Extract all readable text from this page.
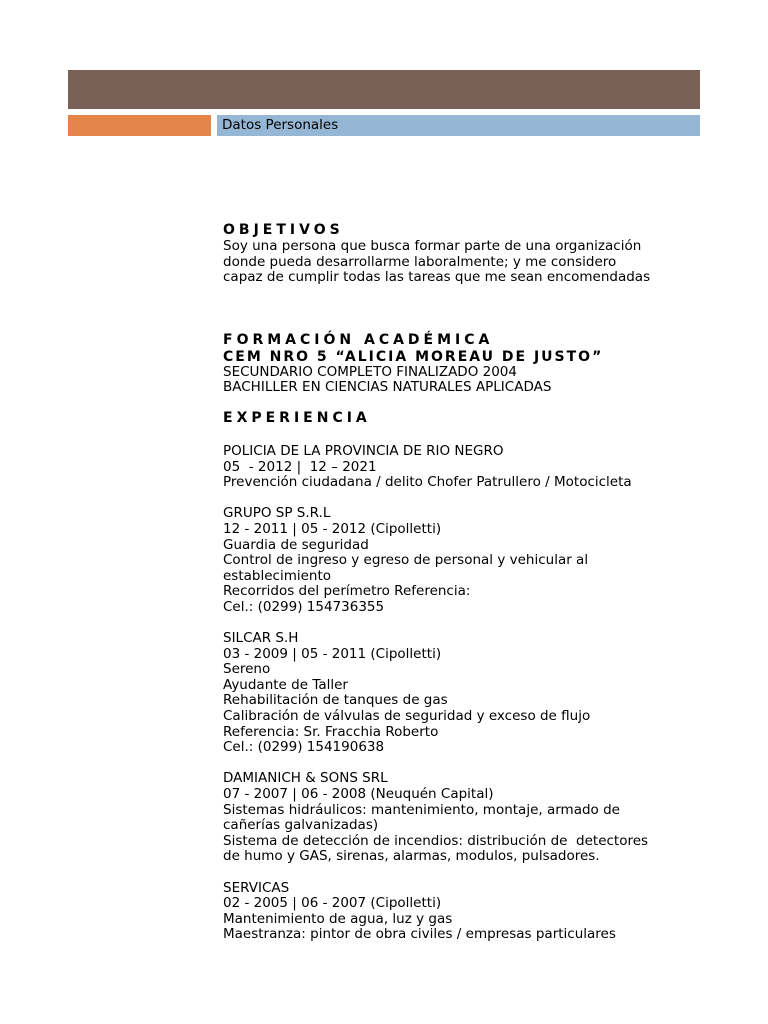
Datos Personales
OBJETIVOS
Soy una persona que busca formar parte de una organización
donde pueda desarrollarme laboralmente; y me considero
capaz de cumplir todas las tareas que me sean encomendadas
FORMACIÓN ACADÉMICA
CEM NRO 5 “ALICIA MOREAU DE JUSTO”
SECUNDARIO COMPLETO FINALIZADO 2004
BACHILLER EN CIENCIAS NATURALES APLICADAS
EXPERIENCIA
POLICIA DE LA PROVINCIA DE RIO NEGRO
05  - 2012 |  12 – 2021
Prevención ciudadana / delito Chofer Patrullero / Motocicleta
GRUPO SP S.R.L
12 - 2011 | 05 - 2012 (Cipolletti)
Guardia de seguridad
Control de ingreso y egreso de personal y vehicular al
establecimiento
Recorridos del perímetro Referencia:
Cel.: (0299) 154736355
SILCAR S.H
03 - 2009 | 05 - 2011 (Cipolletti)
Sereno
Ayudante de Taller
Rehabilitación de tanques de gas
Calibración de válvulas de seguridad y exceso de flujo
Referencia: Sr. Fracchia Roberto
Cel.: (0299) 154190638
DAMIANICH & SONS SRL
07 - 2007 | 06 - 2008 (Neuquén Capital)
Sistemas hidráulicos: mantenimiento, montaje, armado de
cañerías galvanizadas)
Sistema de detección de incendios: distribución de  detectores
de humo y GAS, sirenas, alarmas, modulos, pulsadores.
SERVICAS
02 - 2005 | 06 - 2007 (Cipolletti)
Mantenimiento de agua, luz y gas
Maestranza: pintor de obra civiles / empresas particulares
